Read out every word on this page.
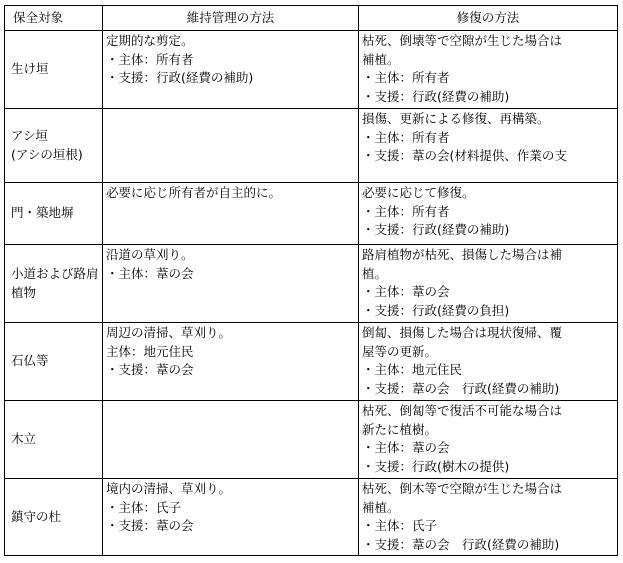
保全対象	維持管理の方法	修復の方法

生け垣	定期的な剪定。
・主体：所有者
・支援：行政(経費の補助)	枯死、倒壊等で空隙が生じた場合は
補植。
・主体：所有者
・支援：行政(経費の補助)

アシ垣
(アシの垣根)		損傷、更新による修復、再構築。
・主体：所有者
・支援：葦の会(材料提供、作業の支

門・築地塀	必要に応じ所有者が自主的に。	必要に応じて修復。
・主体：所有者
・支援：行政(経費の補助)

小道および路肩植物	沿道の草刈り。
・主体：葦の会	路肩植物が枯死、損傷した場合は補
植。
・主体：葦の会
・支援：行政(経費の負担)

石仏等	周辺の清掃、草刈り。
主体：地元住民
・支援：葦の会	倒匐、損傷した場合は現状復帰、覆
屋等の更新。
・主体：地元住民
・支援：葦の会　行政(経費の補助)

木立		枯死、倒匐等で復活不可能な場合は
新たに植樹。
・主体：葦の会
・支援：行政(樹木の提供)

鎮守の杜	境内の清掃、草刈り。
・主体：氏子
・支援：葦の会	枯死、倒木等で空隙が生じた場合は
補植。
・主体：氏子
・支援：葦の会　行政(経費の補助)
